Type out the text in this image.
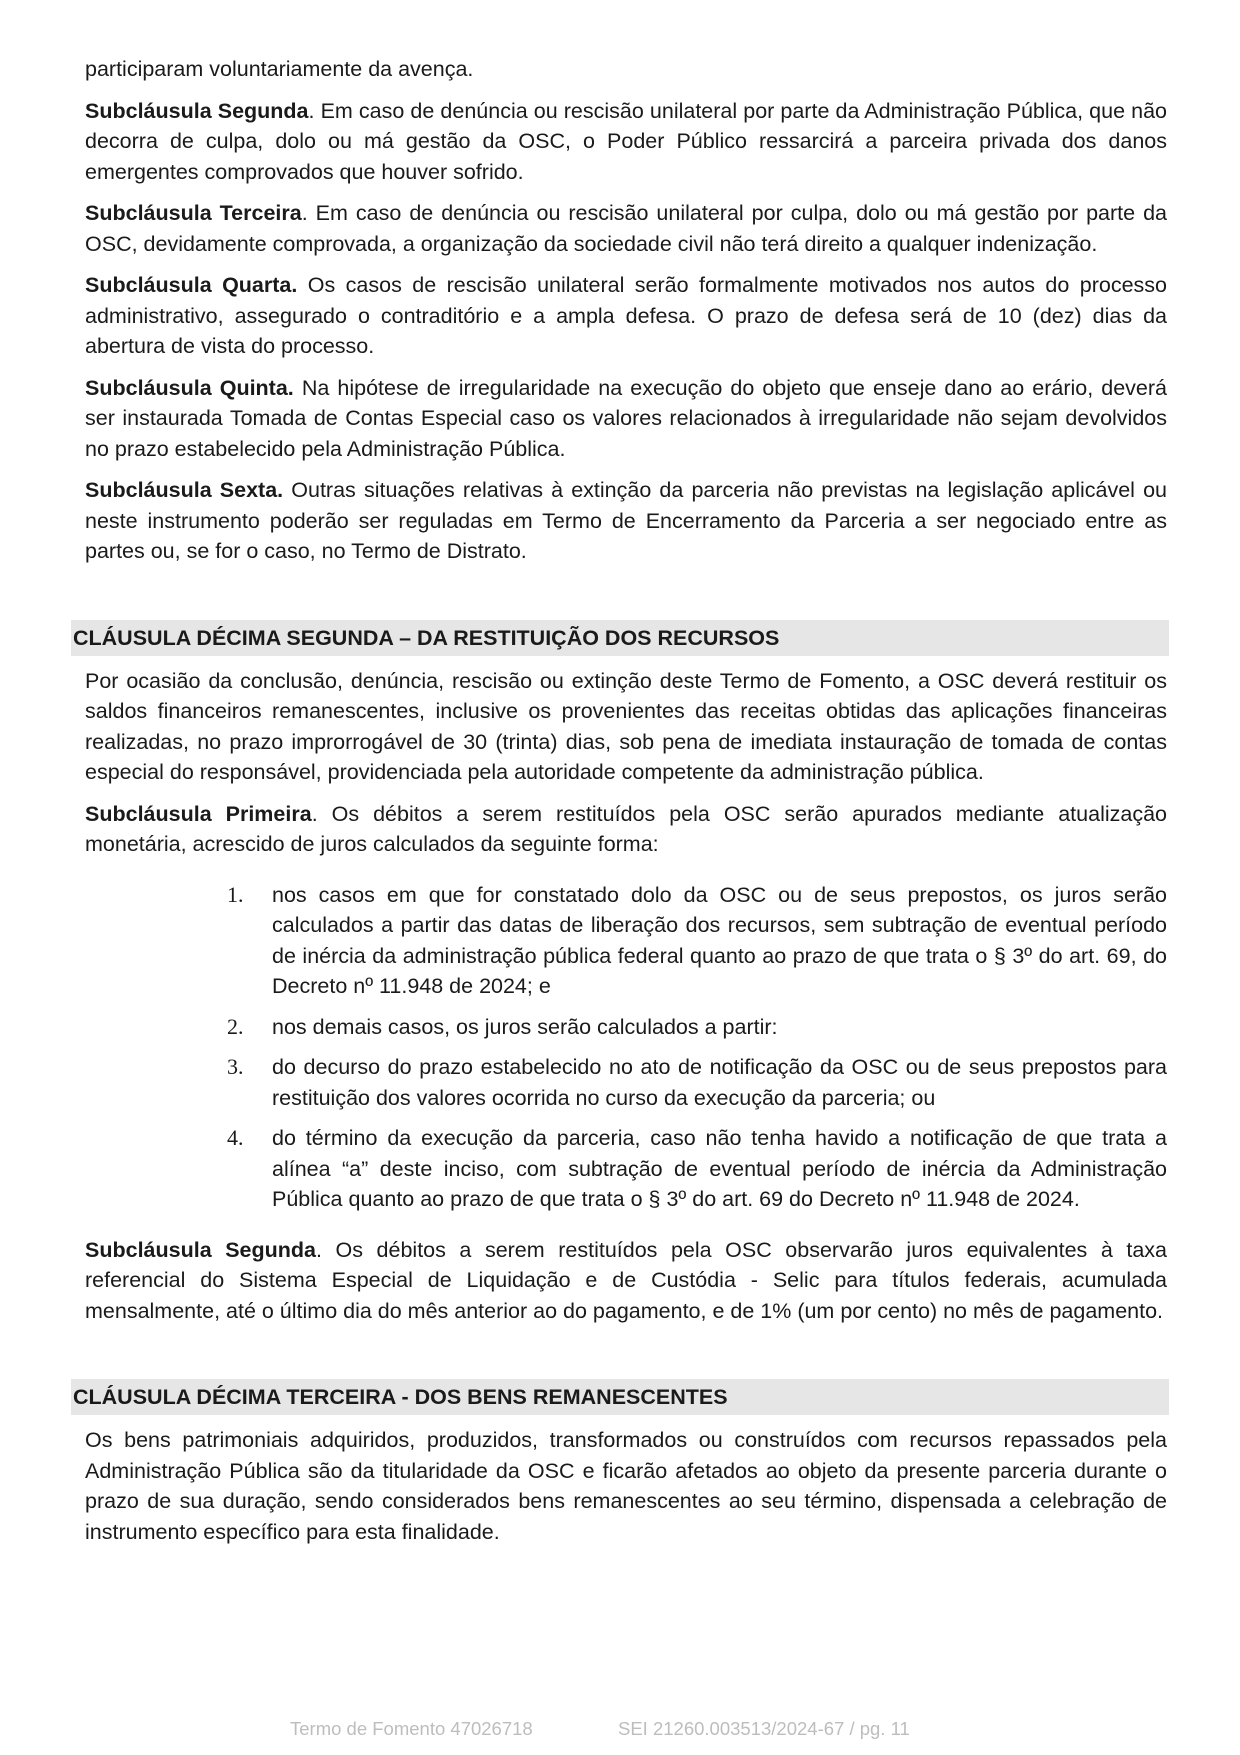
participaram voluntariamente da avença.

Subcláusula Segunda. Em caso de denúncia ou rescisão unilateral por parte da Administração Pública, que não decorra de culpa, dolo ou má gestão da OSC, o Poder Público ressarcirá a parceira privada dos danos emergentes comprovados que houver sofrido.

Subcláusula Terceira. Em caso de denúncia ou rescisão unilateral por culpa, dolo ou má gestão por parte da OSC, devidamente comprovada, a organização da sociedade civil não terá direito a qualquer indenização.

Subcláusula Quarta. Os casos de rescisão unilateral serão formalmente motivados nos autos do processo administrativo, assegurado o contraditório e a ampla defesa. O prazo de defesa será de 10 (dez) dias da abertura de vista do processo.

Subcláusula Quinta. Na hipótese de irregularidade na execução do objeto que enseje dano ao erário, deverá ser instaurada Tomada de Contas Especial caso os valores relacionados à irregularidade não sejam devolvidos no prazo estabelecido pela Administração Pública.

Subcláusula Sexta. Outras situações relativas à extinção da parceria não previstas na legislação aplicável ou neste instrumento poderão ser reguladas em Termo de Encerramento da Parceria a ser negociado entre as partes ou, se for o caso, no Termo de Distrato.

CLÁUSULA DÉCIMA SEGUNDA – DA RESTITUIÇÃO DOS RECURSOS

Por ocasião da conclusão, denúncia, rescisão ou extinção deste Termo de Fomento, a OSC deverá restituir os saldos financeiros remanescentes, inclusive os provenientes das receitas obtidas das aplicações financeiras realizadas, no prazo improrrogável de 30 (trinta) dias, sob pena de imediata instauração de tomada de contas especial do responsável, providenciada pela autoridade competente da administração pública.

Subcláusula Primeira. Os débitos a serem restituídos pela OSC serão apurados mediante atualização monetária, acrescido de juros calculados da seguinte forma:

1. nos casos em que for constatado dolo da OSC ou de seus prepostos, os juros serão calculados a partir das datas de liberação dos recursos, sem subtração de eventual período de inércia da administração pública federal quanto ao prazo de que trata o § 3º do art. 69, do Decreto nº 11.948 de 2024; e

2. nos demais casos, os juros serão calculados a partir:

3. do decurso do prazo estabelecido no ato de notificação da OSC ou de seus prepostos para restituição dos valores ocorrida no curso da execução da parceria; ou

4. do término da execução da parceria, caso não tenha havido a notificação de que trata a alínea “a” deste inciso, com subtração de eventual período de inércia da Administração Pública quanto ao prazo de que trata o § 3º do art. 69 do Decreto nº 11.948 de 2024.

Subcláusula Segunda. Os débitos a serem restituídos pela OSC observarão juros equivalentes à taxa referencial do Sistema Especial de Liquidação e de Custódia - Selic para títulos federais, acumulada mensalmente, até o último dia do mês anterior ao do pagamento, e de 1% (um por cento) no mês de pagamento.

CLÁUSULA DÉCIMA TERCEIRA - DOS BENS REMANESCENTES

Os bens patrimoniais adquiridos, produzidos, transformados ou construídos com recursos repassados pela Administração Pública são da titularidade da OSC e ficarão afetados ao objeto da presente parceria durante o prazo de sua duração, sendo considerados bens remanescentes ao seu término, dispensada a celebração de instrumento específico para esta finalidade.

Termo de Fomento 47026718	SEI 21260.003513/2024-67 / pg. 11
